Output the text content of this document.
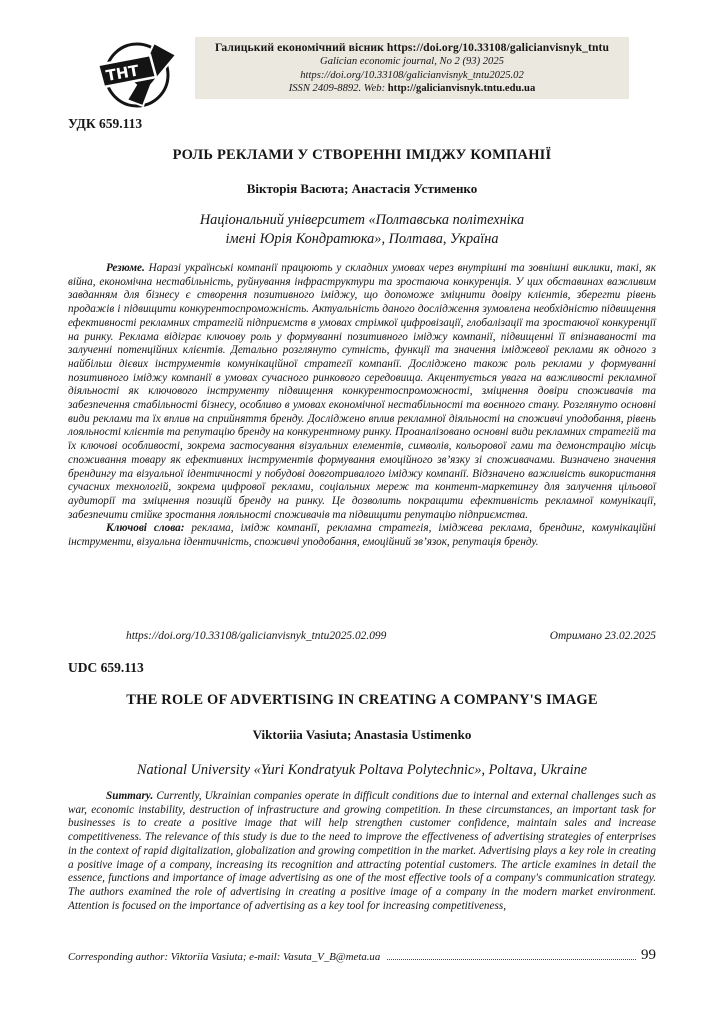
ТНТ
Галицький економічний вісник https://doi.org/10.33108/galicianvisnyk_tntu
Galician economic journal, No 2 (93) 2025
https://doi.org/10.33108/galicianvisnyk_tntu2025.02
ISSN 2409-8892. Web: http://galicianvisnyk.tntu.edu.ua
УДК 659.113
РОЛЬ РЕКЛАМИ У СТВОРЕННІ ІМІДЖУ КОМПАНІЇ
Вікторія Васюта; Анастасія Устименко
Національний університет «Полтавська політехніка
імені Юрія Кондратюка», Полтава, Україна

Резюме. Наразі українські компанії працюють у складних умовах через внутрішні та зовнішні виклики, такі, як війна, економічна нестабільність, руйнування інфраструктури та зростаюча конкуренція. У цих обставинах важливим завданням для бізнесу є створення позитивного іміджу, що допоможе зміцнити довіру клієнтів, зберегти рівень продажів і підвищити конкурентоспроможність. Актуальність даного дослідження зумовлена необхідністю підвищення ефективності рекламних стратегій підприємств в умовах стрімкої цифровізації, глобалізації та зростаючої конкуренції на ринку. Реклама відіграє ключову роль у формуванні позитивного іміджу компанії, підвищенні її впізнаваності та залученні потенційних клієнтів. Детально розглянуто сутність, функції та значення іміджевої реклами як одного з найбільш дієвих інструментів комунікаційної стратегії компанії. Досліджено також роль реклами у формуванні позитивного іміджу компанії в умовах сучасного ринкового середовища. Акцентується увага на важливості рекламної діяльності як ключового інструменту підвищення конкурентоспроможності, зміцнення довіри споживачів та забезпечення стабільності бізнесу, особливо в умовах економічної нестабільності та воєнного стану. Розглянуто основні види реклами та їх вплив на сприйняття бренду. Досліджено вплив рекламної діяльності на споживчі уподобання, рівень лояльності клієнтів та репутацію бренду на конкурентному ринку. Проаналізовано основні види рекламних стратегій та їх ключові особливості, зокрема застосування візуальних елементів, символів, кольорової гами та демонстрацію місць споживання товару як ефективних інструментів формування емоційного зв’язку зі споживачами. Визначено значення брендингу та візуальної ідентичності у побудові довготривалого іміджу компанії. Відзначено важливість використання сучасних технологій, зокрема цифрової реклами, соціальних мереж та контент-маркетингу для залучення цільової аудиторії та зміцнення позицій бренду на ринку. Це дозволить покращити ефективність рекламної комунікації, забезпечити стійке зростання лояльності споживачів та підвищити репутацію підприємства.

Ключові слова: реклама, імідж компанії, рекламна стратегія, іміджева реклама, брендинг, комунікаційні інструменти, візуальна ідентичність, споживчі уподобання, емоційний зв’язок, репутація бренду.

https://doi.org/10.33108/galicianvisnyk_tntu2025.02.099	Отримано 23.02.2025
UDC 659.113
THE ROLE OF ADVERTISING IN CREATING A COMPANY'S IMAGE
Viktoriia Vasiuta; Anastasia Ustimenko
National University «Yuri Kondratyuk Poltava Polytechnic», Poltava, Ukraine

Summary. Currently, Ukrainian companies operate in difficult conditions due to internal and external challenges such as war, economic instability, destruction of infrastructure and growing competition. In these circumstances, an important task for businesses is to create a positive image that will help strengthen customer confidence, maintain sales and increase competitiveness. The relevance of this study is due to the need to improve the effectiveness of advertising strategies of enterprises in the context of rapid digitalization, globalization and growing competition in the market. Advertising plays a key role in creating a positive image of a company, increasing its recognition and attracting potential customers. The article examines in detail the essence, functions and importance of image advertising as one of the most effective tools of a company's communication strategy. The authors examined the role of advertising in creating a positive image of a company in the modern market environment. Attention is focused on the importance of advertising as a key tool for increasing competitiveness,

Corresponding author: Viktoriia Vasiuta; e-mail: Vasuta_V_B@meta.ua	99
